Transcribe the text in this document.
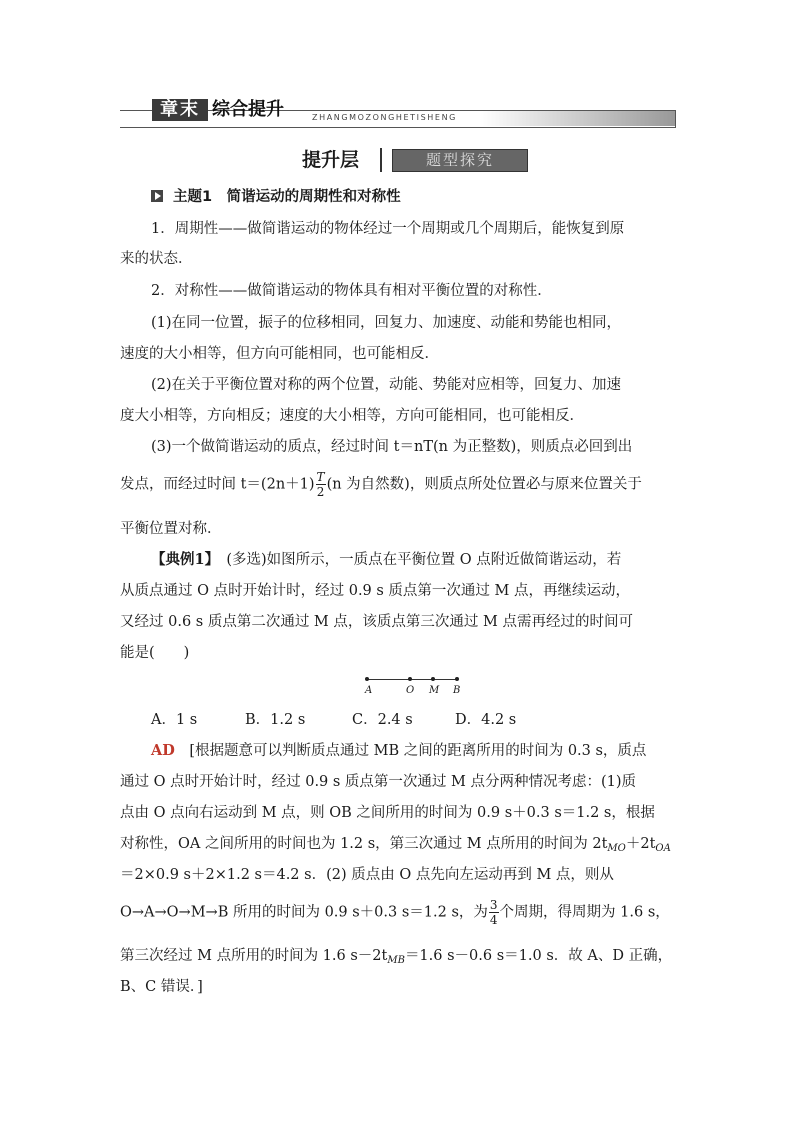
章末 综合提升	ZHANGMOZONGHETISHENG
提升层	题型探究
主题1　简谐运动的周期性和对称性
1．周期性——做简谐运动的物体经过一个周期或几个周期后，能恢复到原
来的状态．
2．对称性——做简谐运动的物体具有相对平衡位置的对称性．
(1)在同一位置，振子的位移相同，回复力、加速度、动能和势能也相同，
速度的大小相等，但方向可能相同，也可能相反．
(2)在关于平衡位置对称的两个位置，动能、势能对应相等，回复力、加速
度大小相等，方向相反；速度的大小相等，方向可能相同，也可能相反．
(3)一个做简谐运动的质点，经过时间 t＝nT(n 为正整数)，则质点必回到出
发点，而经过时间 $t=(2n+1) \frac{T}{2} (n$ 为自然数)，则质点所处位置必与原来位置关于
平衡位置对称．
【典例1】　(多选)如图所示，一质点在平衡位置 O 点附近做简谐运动，若
从质点通过 O 点时开始计时，经过 0.9 s 质点第一次通过 M 点，再继续运动，
又经过 0.6 s 质点第二次通过 M 点，该质点第三次通过 M 点需再经过的时间可
能是(　　)
A	O M B
A．1 s	B．1.2 s	C．2.4 s	D．4.2 s
AD　[根据题意可以判断质点通过 MB 之间的距离所用的时间为 0.3 s，质点
通过 O 点时开始计时，经过 0.9 s 质点第一次通过 M 点分两种情况考虑：(1)质
点由 O 点向右运动到 M 点，则 OB 之间所用的时间为 0.9 s＋0.3 s＝1.2 s，根据
对称性，OA 之间所用的时间也为 1.2 s，第三次通过 M 点所用的时间为 $2t_{MO}+2t_{OA}$
＝2×0.9 s＋2×1.2 s＝4.2 s．(2) 质点由 O 点先向左运动再到 M 点，则从
O→A→O→M→B 所用的时间为 0.9 s＋0.3 s＝1.2 s，为 $\frac{3}{4}$ 个周期，得周期为 1.6 s，
第三次经过 M 点所用的时间为 1.6 $s-2t_{MB}=1.6$ s－0.6 s＝1.0 s．故 A、D 正确，
B、C 错误．]
